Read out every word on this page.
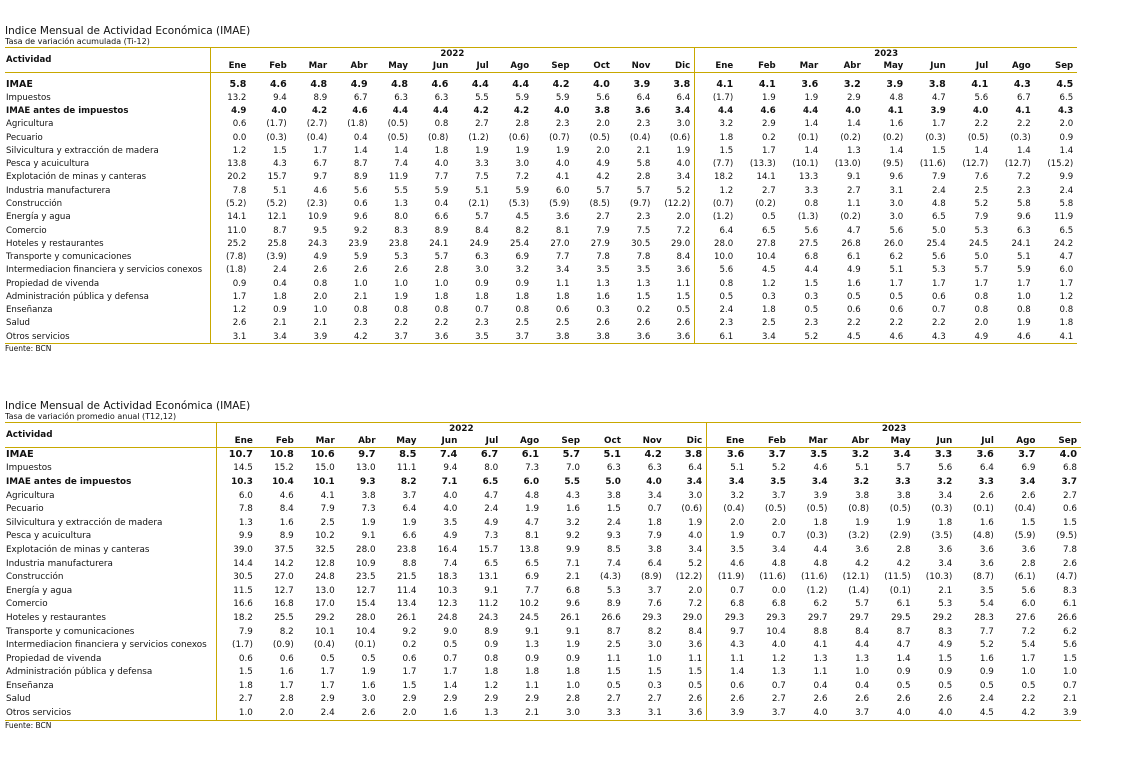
Indice Mensual de Actividad Económica (IMAE)
Tasa de variación acumulada (Ti-12)
Actividad	2022												2023								
	Ene	Feb	Mar	Abr	May	Jun	Jul	Ago	Sep	Oct	Nov	Dic	Ene	Feb	Mar	Abr	May	Jun	Jul	Ago	Sep

IMAE	5.8	4.6	4.8	4.9	4.8	4.6	4.4	4.4	4.2	4.0	3.9	3.8	4.1	4.1	3.6	3.2	3.9	3.8	4.1	4.3	4.5
Impuestos	13.2	9.4	8.9	6.7	6.3	6.3	5.5	5.9	5.9	5.6	6.4	6.4	(1.7)	1.9	1.9	2.9	4.8	4.7	5.6	6.7	6.5
IMAE antes de impuestos	4.9	4.0	4.2	4.6	4.4	4.4	4.2	4.2	4.0	3.8	3.6	3.4	4.4	4.6	4.4	4.0	4.1	3.9	4.0	4.1	4.3
Agricultura	0.6	(1.7)	(2.7)	(1.8)	(0.5)	0.8	2.7	2.8	2.3	2.0	2.3	3.0	3.2	2.9	1.4	1.4	1.6	1.7	2.2	2.2	2.0
Pecuario	0.0	(0.3)	(0.4)	0.4	(0.5)	(0.8)	(1.2)	(0.6)	(0.7)	(0.5)	(0.4)	(0.6)	1.8	0.2	(0.1)	(0.2)	(0.2)	(0.3)	(0.5)	(0.3)	0.9
Silvicultura y extracción de madera	1.2	1.5	1.7	1.4	1.4	1.8	1.9	1.9	1.9	2.0	2.1	1.9	1.5	1.7	1.4	1.3	1.4	1.5	1.4	1.4	1.4
Pesca y acuicultura	13.8	4.3	6.7	8.7	7.4	4.0	3.3	3.0	4.0	4.9	5.8	4.0	(7.7)	(13.3)	(10.1)	(13.0)	(9.5)	(11.6)	(12.7)	(12.7)	(15.2)
Explotación de minas y canteras	20.2	15.7	9.7	8.9	11.9	7.7	7.5	7.2	4.1	4.2	2.8	3.4	18.2	14.1	13.3	9.1	9.6	7.9	7.6	7.2	9.9
Industria manufacturera	7.8	5.1	4.6	5.6	5.5	5.9	5.1	5.9	6.0	5.7	5.7	5.2	1.2	2.7	3.3	2.7	3.1	2.4	2.5	2.3	2.4
Construcción	(5.2)	(5.2)	(2.3)	0.6	1.3	0.4	(2.1)	(5.3)	(5.9)	(8.5)	(9.7)	(12.2)	(0.7)	(0.2)	0.8	1.1	3.0	4.8	5.2	5.8	5.8
Energía y agua	14.1	12.1	10.9	9.6	8.0	6.6	5.7	4.5	3.6	2.7	2.3	2.0	(1.2)	0.5	(1.3)	(0.2)	3.0	6.5	7.9	9.6	11.9
Comercio	11.0	8.7	9.5	9.2	8.3	8.9	8.4	8.2	8.1	7.9	7.5	7.2	6.4	6.5	5.6	4.7	5.6	5.0	5.3	6.3	6.5
Hoteles y restaurantes	25.2	25.8	24.3	23.9	23.8	24.1	24.9	25.4	27.0	27.9	30.5	29.0	28.0	27.8	27.5	26.8	26.0	25.4	24.5	24.1	24.2
Transporte y comunicaciones	(7.8)	(3.9)	4.9	5.9	5.3	5.7	6.3	6.9	7.7	7.8	7.8	8.4	10.0	10.4	6.8	6.1	6.2	5.6	5.0	5.1	4.7
Intermediacion financiera y servicios conexos	(1.8)	2.4	2.6	2.6	2.6	2.8	3.0	3.2	3.4	3.5	3.5	3.6	5.6	4.5	4.4	4.9	5.1	5.3	5.7	5.9	6.0
Propiedad de vivenda	0.9	0.4	0.8	1.0	1.0	1.0	0.9	0.9	1.1	1.3	1.3	1.1	0.8	1.2	1.5	1.6	1.7	1.7	1.7	1.7	1.7
Administración pública y defensa	1.7	1.8	2.0	2.1	1.9	1.8	1.8	1.8	1.8	1.6	1.5	1.5	0.5	0.3	0.3	0.5	0.5	0.6	0.8	1.0	1.2
Enseñanza	1.2	0.9	1.0	0.8	0.8	0.8	0.7	0.8	0.6	0.3	0.2	0.5	2.4	1.8	0.5	0.6	0.6	0.7	0.8	0.8	0.8
Salud	2.6	2.1	2.1	2.3	2.2	2.2	2.3	2.5	2.5	2.6	2.6	2.6	2.3	2.5	2.3	2.2	2.2	2.2	2.0	1.9	1.8
Otros servicios	3.1	3.4	3.9	4.2	3.7	3.6	3.5	3.7	3.8	3.8	3.6	3.6	6.1	3.4	5.2	4.5	4.6	4.3	4.9	4.6	4.1
Fuente: BCN
Indice Mensual de Actividad Económica (IMAE)
Tasa de variación promedio anual (T12,12)
Actividad	2022												2023								
	Ene	Feb	Mar	Abr	May	Jun	Jul	Ago	Sep	Oct	Nov	Dic	Ene	Feb	Mar	Abr	May	Jun	Jul	Ago	Sep
IMAE	10.7	10.8	10.6	9.7	8.5	7.4	6.7	6.1	5.7	5.1	4.2	3.8	3.6	3.7	3.5	3.2	3.4	3.3	3.6	3.7	4.0
Impuestos	14.5	15.2	15.0	13.0	11.1	9.4	8.0	7.3	7.0	6.3	6.3	6.4	5.1	5.2	4.6	5.1	5.7	5.6	6.4	6.9	6.8
IMAE antes de impuestos	10.3	10.4	10.1	9.3	8.2	7.1	6.5	6.0	5.5	5.0	4.0	3.4	3.4	3.5	3.4	3.2	3.3	3.2	3.3	3.4	3.7
Agricultura	6.0	4.6	4.1	3.8	3.7	4.0	4.7	4.8	4.3	3.8	3.4	3.0	3.2	3.7	3.9	3.8	3.8	3.4	2.6	2.6	2.7
Pecuario	7.8	8.4	7.9	7.3	6.4	4.0	2.4	1.9	1.6	1.5	0.7	(0.6)	(0.4)	(0.5)	(0.5)	(0.8)	(0.5)	(0.3)	(0.1)	(0.4)	0.6
Silvicultura y extracción de madera	1.3	1.6	2.5	1.9	1.9	3.5	4.9	4.7	3.2	2.4	1.8	1.9	2.0	2.0	1.8	1.9	1.9	1.8	1.6	1.5	1.5
Pesca y acuicultura	9.9	8.9	10.2	9.1	6.6	4.9	7.3	8.1	9.2	9.3	7.9	4.0	1.9	0.7	(0.3)	(3.2)	(2.9)	(3.5)	(4.8)	(5.9)	(9.5)
Explotación de minas y canteras	39.0	37.5	32.5	28.0	23.8	16.4	15.7	13.8	9.9	8.5	3.8	3.4	3.5	3.4	4.4	3.6	2.8	3.6	3.6	3.6	7.8
Industria manufacturera	14.4	14.2	12.8	10.9	8.8	7.4	6.5	6.5	7.1	7.4	6.4	5.2	4.6	4.8	4.8	4.2	4.2	3.4	3.6	2.8	2.6
Construcción	30.5	27.0	24.8	23.5	21.5	18.3	13.1	6.9	2.1	(4.3)	(8.9)	(12.2)	(11.9)	(11.6)	(11.6)	(12.1)	(11.5)	(10.3)	(8.7)	(6.1)	(4.7)
Energía y agua	11.5	12.7	13.0	12.7	11.4	10.3	9.1	7.7	6.8	5.3	3.7	2.0	0.7	0.0	(1.2)	(1.4)	(0.1)	2.1	3.5	5.6	8.3
Comercio	16.6	16.8	17.0	15.4	13.4	12.3	11.2	10.2	9.6	8.9	7.6	7.2	6.8	6.8	6.2	5.7	6.1	5.3	5.4	6.0	6.1
Hoteles y restaurantes	18.2	25.5	29.2	28.0	26.1	24.8	24.3	24.5	26.1	26.6	29.3	29.0	29.3	29.3	29.7	29.7	29.5	29.2	28.3	27.6	26.6
Transporte y comunicaciones	7.9	8.2	10.1	10.4	9.2	9.0	8.9	9.1	9.1	8.7	8.2	8.4	9.7	10.4	8.8	8.4	8.7	8.3	7.7	7.2	6.2
Intermediacion financiera y servicios conexos	(1.7)	(0.9)	(0.4)	(0.1)	0.2	0.5	0.9	1.3	1.9	2.5	3.0	3.6	4.3	4.0	4.1	4.4	4.7	4.9	5.2	5.4	5.6
Propiedad de vivenda	0.6	0.6	0.5	0.5	0.6	0.7	0.8	0.9	0.9	1.1	1.0	1.1	1.1	1.2	1.3	1.3	1.4	1.5	1.6	1.7	1.5
Administración pública y defensa	1.5	1.6	1.7	1.9	1.7	1.7	1.8	1.8	1.8	1.5	1.5	1.5	1.4	1.3	1.1	1.0	0.9	0.9	0.9	1.0	1.0
Enseñanza	1.8	1.7	1.7	1.6	1.5	1.4	1.2	1.1	1.0	0.5	0.3	0.5	0.6	0.7	0.4	0.4	0.5	0.5	0.5	0.5	0.7
Salud	2.7	2.8	2.9	3.0	2.9	2.9	2.9	2.9	2.8	2.7	2.7	2.6	2.6	2.7	2.6	2.6	2.6	2.6	2.4	2.2	2.1
Otros servicios	1.0	2.0	2.4	2.6	2.0	1.6	1.3	2.1	3.0	3.3	3.1	3.6	3.9	3.7	4.0	3.7	4.0	4.0	4.5	4.2	3.9
Fuente: BCN
